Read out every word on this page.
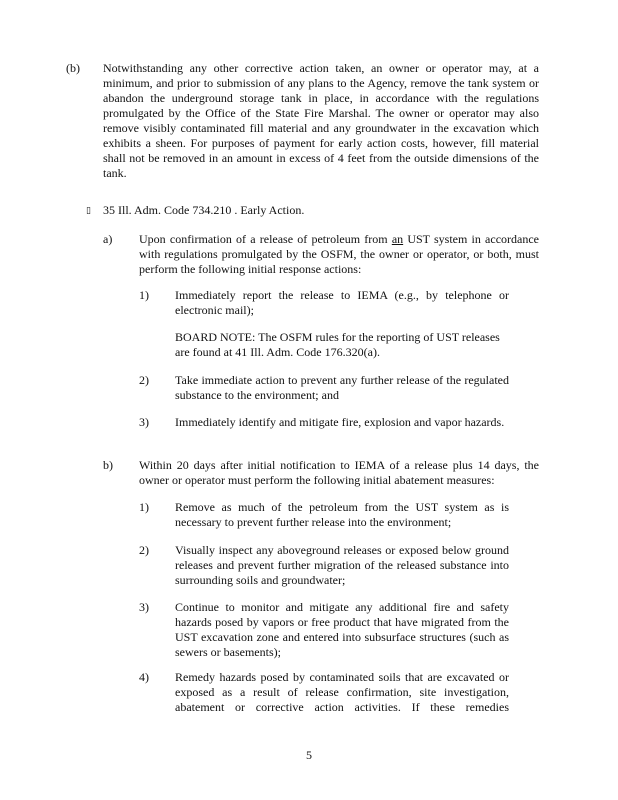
(b) Notwithstanding any other corrective action taken, an owner or operator may, at a minimum, and prior to submission of any plans to the Agency, remove the tank system or abandon the underground storage tank in place, in accordance with the regulations promulgated by the Office of the State Fire Marshal. The owner or operator may also remove visibly contaminated fill material and any groundwater in the excavation which exhibits a sheen. For purposes of payment for early action costs, however, fill material shall not be removed in an amount in excess of 4 feet from the outside dimensions of the tank.

▯ 35 Ill. Adm. Code 734.210 . Early Action.
a) Upon confirmation of a release of petroleum from an UST system in accordance with regulations promulgated by the OSFM, the owner or operator, or both, must perform the following initial response actions:

1) Immediately report the release to IEMA (e.g., by telephone or electronic mail);

BOARD NOTE: The OSFM rules for the reporting of UST releases are found at 41 Ill. Adm. Code 176.320(a).

2) Take immediate action to prevent any further release of the regulated substance to the environment; and

3) Immediately identify and mitigate fire, explosion and vapor hazards.

b) Within 20 days after initial notification to IEMA of a release plus 14 days, the owner or operator must perform the following initial abatement measures:

1) Remove as much of the petroleum from the UST system as is necessary to prevent further release into the environment;

2) Visually inspect any aboveground releases or exposed below ground releases and prevent further migration of the released substance into surrounding soils and groundwater;

3) Continue to monitor and mitigate any additional fire and safety hazards posed by vapors or free product that have migrated from the UST excavation zone and entered into subsurface structures (such as sewers or basements);

4) Remedy hazards posed by contaminated soils that are excavated or exposed as a result of release confirmation, site investigation, abatement or corrective action activities. If these remedies

5
